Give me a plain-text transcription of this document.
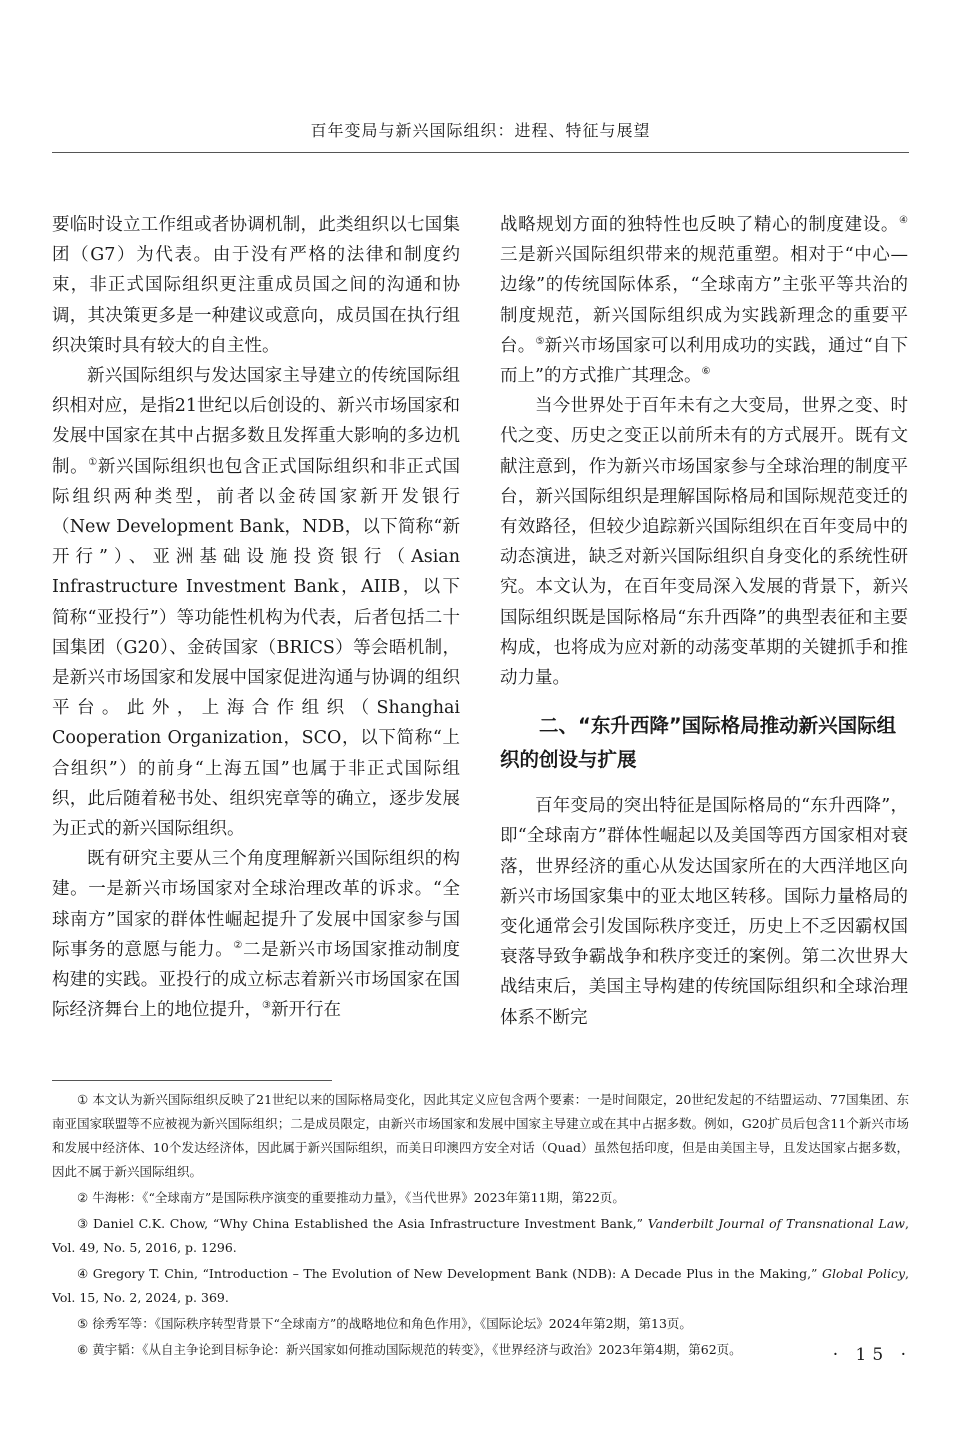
百年变局与新兴国际组织：进程、特征与展望

要临时设立工作组或者协调机制，此类组织以七国集团（G7）为代表。由于没有严格的法律和制度约束，非正式国际组织更注重成员国之间的沟通和协调，其决策更多是一种建议或意向，成员国在执行组织决策时具有较大的自主性。

新兴国际组织与发达国家主导建立的传统国际组织相对应，是指21世纪以后创设的、新兴市场国家和发展中国家在其中占据多数且发挥重大影响的多边机制。①新兴国际组织也包含正式国际组织和非正式国际组织两种类型，前者以金砖国家新开发银行（New Development Bank，NDB，以下简称“新开行”）、亚洲基础设施投资银行（Asian Infrastructure Investment Bank，AIIB，以下简称“亚投行”）等功能性机构为代表，后者包括二十国集团（G20）、金砖国家（BRICS）等会晤机制，是新兴市场国家和发展中国家促进沟通与协调的组织平台。此外，上海合作组织（Shanghai Cooperation Organization，SCO，以下简称“上合组织”）的前身“上海五国”也属于非正式国际组织，此后随着秘书处、组织宪章等的确立，逐步发展为正式的新兴国际组织。

既有研究主要从三个角度理解新兴国际组织的构建。一是新兴市场国家对全球治理改革的诉求。“全球南方”国家的群体性崛起提升了发展中国家参与国际事务的意愿与能力。②二是新兴市场国家推动制度构建的实践。亚投行的成立标志着新兴市场国家在国际经济舞台上的地位提升，③新开行在

战略规划方面的独特性也反映了精心的制度建设。④三是新兴国际组织带来的规范重塑。相对于“中心—边缘”的传统国际体系，“全球南方”主张平等共治的制度规范，新兴国际组织成为实践新理念的重要平台。⑤新兴市场国家可以利用成功的实践，通过“自下而上”的方式推广其理念。⑥

当今世界处于百年未有之大变局，世界之变、时代之变、历史之变正以前所未有的方式展开。既有文献注意到，作为新兴市场国家参与全球治理的制度平台，新兴国际组织是理解国际格局和国际规范变迁的有效路径，但较少追踪新兴国际组织在百年变局中的动态演进，缺乏对新兴国际组织自身变化的系统性研究。本文认为，在百年变局深入发展的背景下，新兴国际组织既是国际格局“东升西降”的典型表征和主要构成，也将成为应对新的动荡变革期的关键抓手和推动力量。

二、“东升西降”国际格局推动新兴国际组织的创设与扩展

百年变局的突出特征是国际格局的“东升西降”，即“全球南方”群体性崛起以及美国等西方国家相对衰落，世界经济的重心从发达国家所在的大西洋地区向新兴市场国家集中的亚太地区转移。国际力量格局的变化通常会引发国际秩序变迁，历史上不乏因霸权国衰落导致争霸战争和秩序变迁的案例。第二次世界大战结束后，美国主导构建的传统国际组织和全球治理体系不断完

① 本文认为新兴国际组织反映了21世纪以来的国际格局变化，因此其定义应包含两个要素：一是时间限定，20世纪发起的不结盟运动、77国集团、东南亚国家联盟等不应被视为新兴国际组织；二是成员限定，由新兴市场国家和发展中国家主导建立或在其中占据多数。例如，G20扩员后包含11个新兴市场和发展中经济体、10个发达经济体，因此属于新兴国际组织，而美日印澳四方安全对话（Quad）虽然包括印度，但是由美国主导，且发达国家占据多数，因此不属于新兴国际组织。

② 牛海彬：《“全球南方”是国际秩序演变的重要推动力量》，《当代世界》2023年第11期，第22页。

③ Daniel C.K. Chow, “Why China Established the Asia Infrastructure Investment Bank,” Vanderbilt Journal of Transnational Law, Vol. 49, No. 5, 2016, p. 1296.

④ Gregory T. Chin, “Introduction – The Evolution of New Development Bank (NDB): A Decade Plus in the Making,” Global Policy, Vol. 15, No. 2, 2024, p. 369.

⑤ 徐秀军等：《国际秩序转型背景下“全球南方”的战略地位和角色作用》，《国际论坛》2024年第2期，第13页。

⑥ 黄宇韬：《从自主争论到目标争论：新兴国家如何推动国际规范的转变》，《世界经济与政治》2023年第4期，第62页。	· 15 ·
